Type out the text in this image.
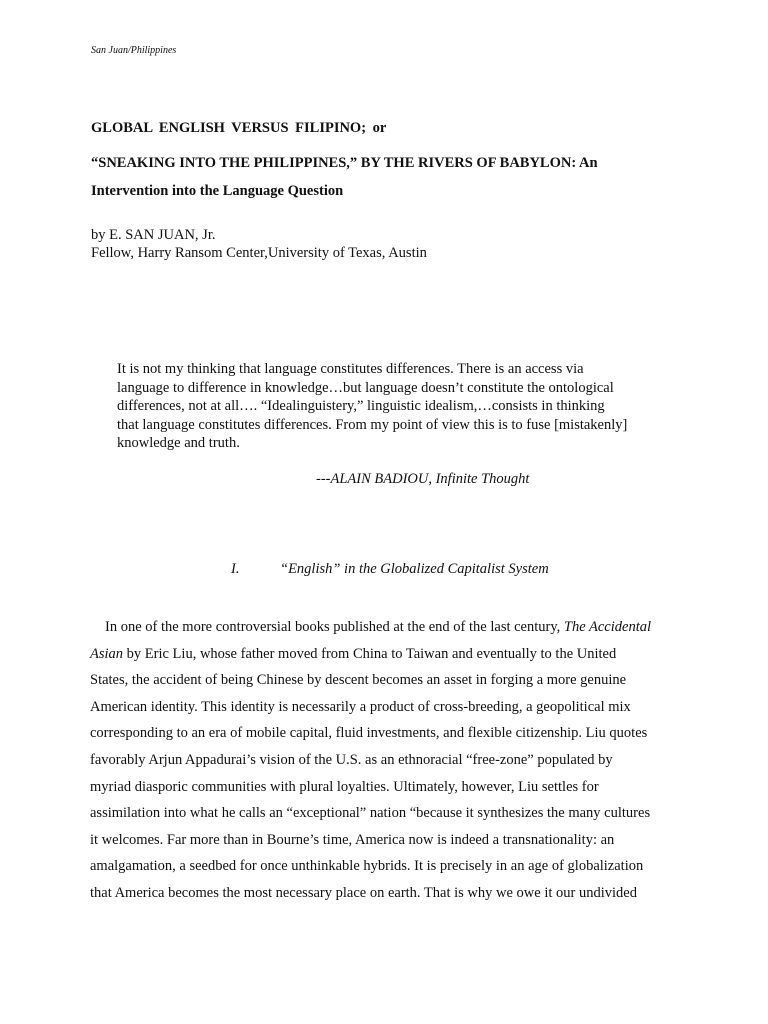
San Juan/Philippines
GLOBAL ENGLISH VERSUS FILIPINO; or
“SNEAKING INTO THE PHILIPPINES,” BY THE RIVERS OF BABYLON: An
Intervention into the Language Question
by E. SAN JUAN, Jr.
Fellow, Harry Ransom Center,University of Texas, Austin
It is not my thinking that language constitutes differences. There is an access via
language to difference in knowledge…but language doesn’t constitute the ontological
differences, not at all…. “Idealinguistery,” linguistic idealism,…consists in thinking
that language constitutes differences. From my point of view this is to fuse [mistakenly]
knowledge and truth.
---ALAIN BADIOU, Infinite Thought
I.	“English” in the Globalized Capitalist System
In one of the more controversial books published at the end of the last century, The Accidental
Asian by Eric Liu, whose father moved from China to Taiwan and eventually to the United
States, the accident of being Chinese by descent becomes an asset in forging a more genuine
American identity. This identity is necessarily a product of cross-breeding, a geopolitical mix
corresponding to an era of mobile capital, fluid investments, and flexible citizenship. Liu quotes
favorably Arjun Appadurai’s vision of the U.S. as an ethnoracial “free-zone” populated by
myriad diasporic communities with plural loyalties. Ultimately, however, Liu settles for
assimilation into what he calls an “exceptional” nation “because it synthesizes the many cultures
it welcomes. Far more than in Bourne’s time, America now is indeed a transnationality: an
amalgamation, a seedbed for once unthinkable hybrids. It is precisely in an age of globalization
that America becomes the most necessary place on earth. That is why we owe it our undivided
